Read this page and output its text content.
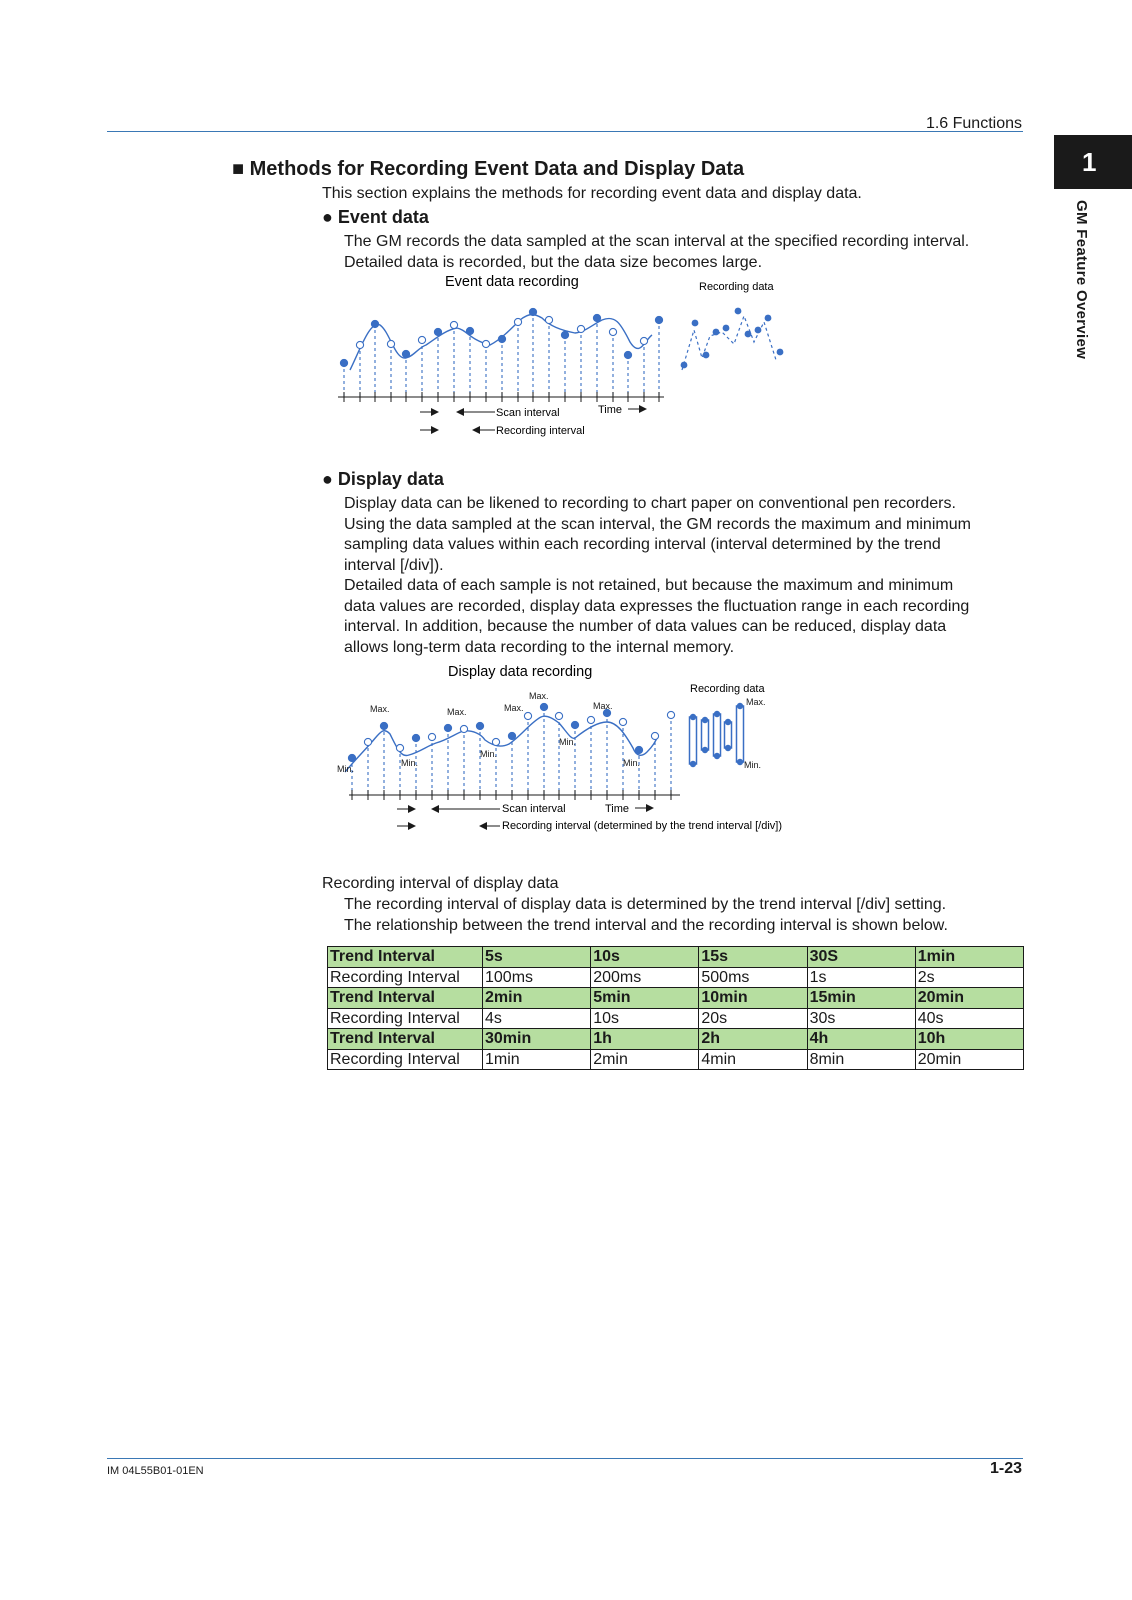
1.6 Functions
1
GM Feature Overview
■ Methods for Recording Event Data and Display Data
This section explains the methods for recording event data and display data.
● Event data

The GM records the data sampled at the scan interval at the specified recording interval.

Detailed data is recorded, but the data size becomes large.

Event data recording	Recording data
Scan interval	Time
Recording interval
● Display data

Display data can be likened to recording to chart paper on conventional pen recorders.

Using the data sampled at the scan interval, the GM records the maximum and minimum

sampling data values within each recording interval (interval determined by the trend

interval [/div]).

Detailed data of each sample is not retained, but because the maximum and minimum

data values are recorded, display data expresses the fluctuation range in each recording

interval. In addition, because the number of data values can be reduced, display data

allows long-term data recording to the internal memory.

Display data recording
Recording data
Max.	Max.	Max.
Max.
Max.	Max.
Min.
Min.
Min.
Min.
Min.	Min.
Scan interval	Time
Recording interval (determined by the trend interval [/div])
Recording interval of display data
The recording interval of display data is determined by the trend interval [/div] setting.
The relationship between the trend interval and the recording interval is shown below.
Trend Interval	5s	10s	15s	30S	1min
Recording Interval	100ms	200ms	500ms	1s	2s
Trend Interval	2min	5min	10min	15min	20min
Recording Interval	4s	10s	20s	30s	40s
Trend Interval	30min	1h	2h	4h	10h
Recording Interval	1min	2min	4min	8min	20min
IM 04L55B01-01EN	1-23
